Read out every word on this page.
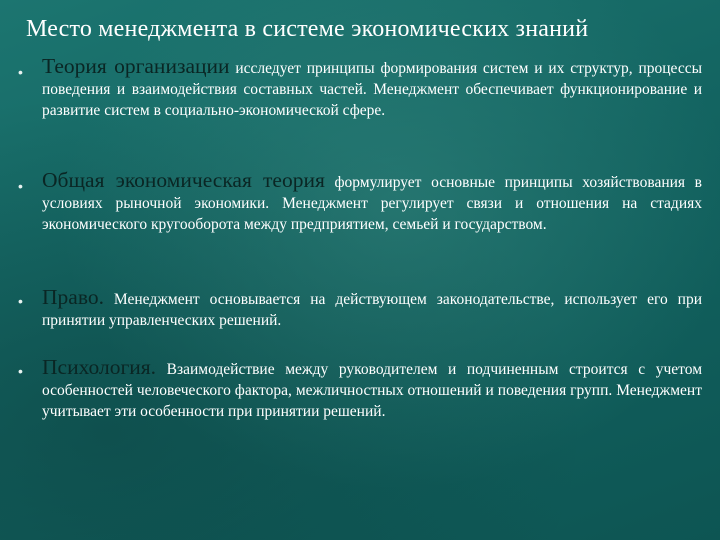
Место менеджмента в системе экономических знаний
• Теория организации исследует принципы формирования систем и их структур, процессы поведения и взаимодействия составных частей. Менеджмент обеспечивает функционирование и развитие систем в социально-экономической сфере.
• Общая экономическая теория формулирует основные принципы хозяйствования в условиях рыночной экономики. Менеджмент регулирует связи и отношения на стадиях экономического кругооборота между предприятием, семьей и государством.
• Право. Менеджмент основывается на действующем законодательстве, использует его при принятии управленческих решений.
• Психология. Взаимодействие между руководителем и подчиненным строится с учетом особенностей человеческого фактора, межличностных отношений и поведения групп. Менеджмент учитывает эти особенности при принятии решений.
